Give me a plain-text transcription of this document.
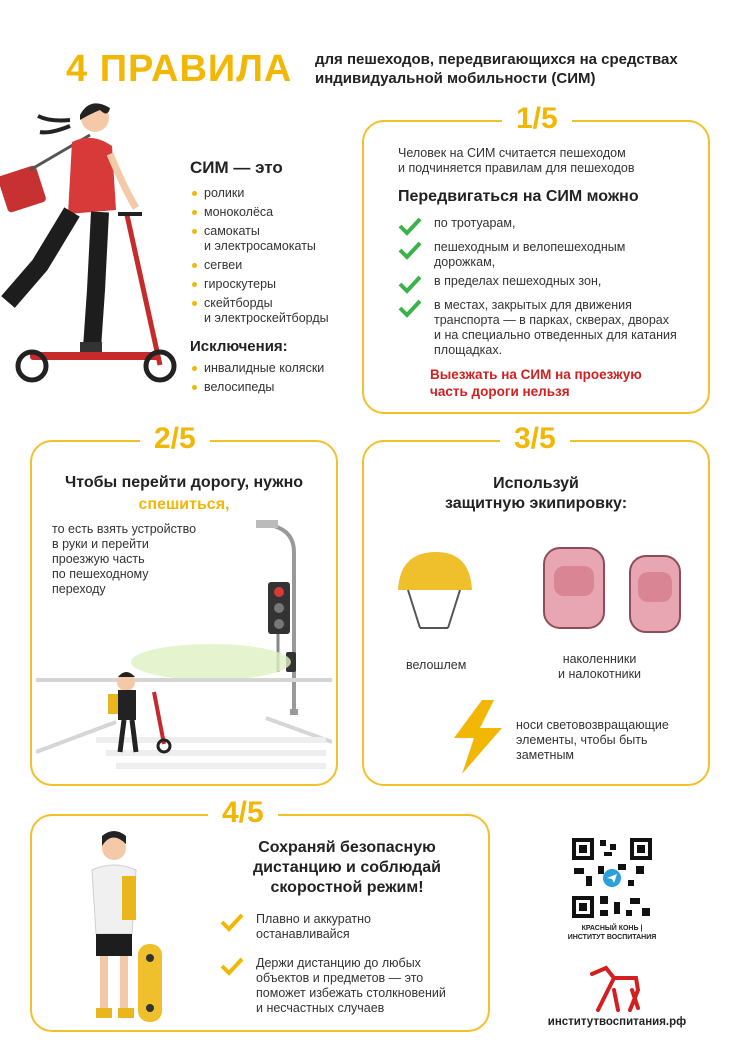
4 ПРАВИЛА для пешеходов, передвигающихся на средствах индивидуальной мобильности (СИМ)
СИМ — это
ролики
моноколёса
самокаты
и электросамокаты
сегвеи
гироскутеры
скейтборды
и электроскейтборды
Исключения:
инвалидные коляски
велосипеды
1/5
Человек на СИМ считается пешеходом
и подчиняется правилам для пешеходов
Передвигаться на СИМ можно
по тротуарам,
пешеходным и велопешеходным
дорожкам,
в пределах пешеходных зон,
в местах, закрытых для движения
транспорта — в парках, скверах, дворах
и на специально отведенных для катания
площадках.
Выезжать на СИМ на проезжую
часть дороги нельзя
2/5
Чтобы перейти дорогу, нужно
спешиться,
то есть взять устройство
в руки и перейти
проезжую часть
по пешеходному
переходу
3/5
Используй
защитную экипировку:
велошлем	наколенники
и налокотники
носи световозвращающие
элементы, чтобы быть
заметным
4/5
Сохраняй безопасную
дистанцию и соблюдай
скоростной режим!
Плавно и аккуратно
останавливайся
Держи дистанцию до любых
объектов и предметов — это
поможет избежать столкновений
и несчастных случаев
КРАСНЫЙ КОНЬ |
ИНСТИТУТ ВОСПИТАНИЯ
институтвоспитания.рф
